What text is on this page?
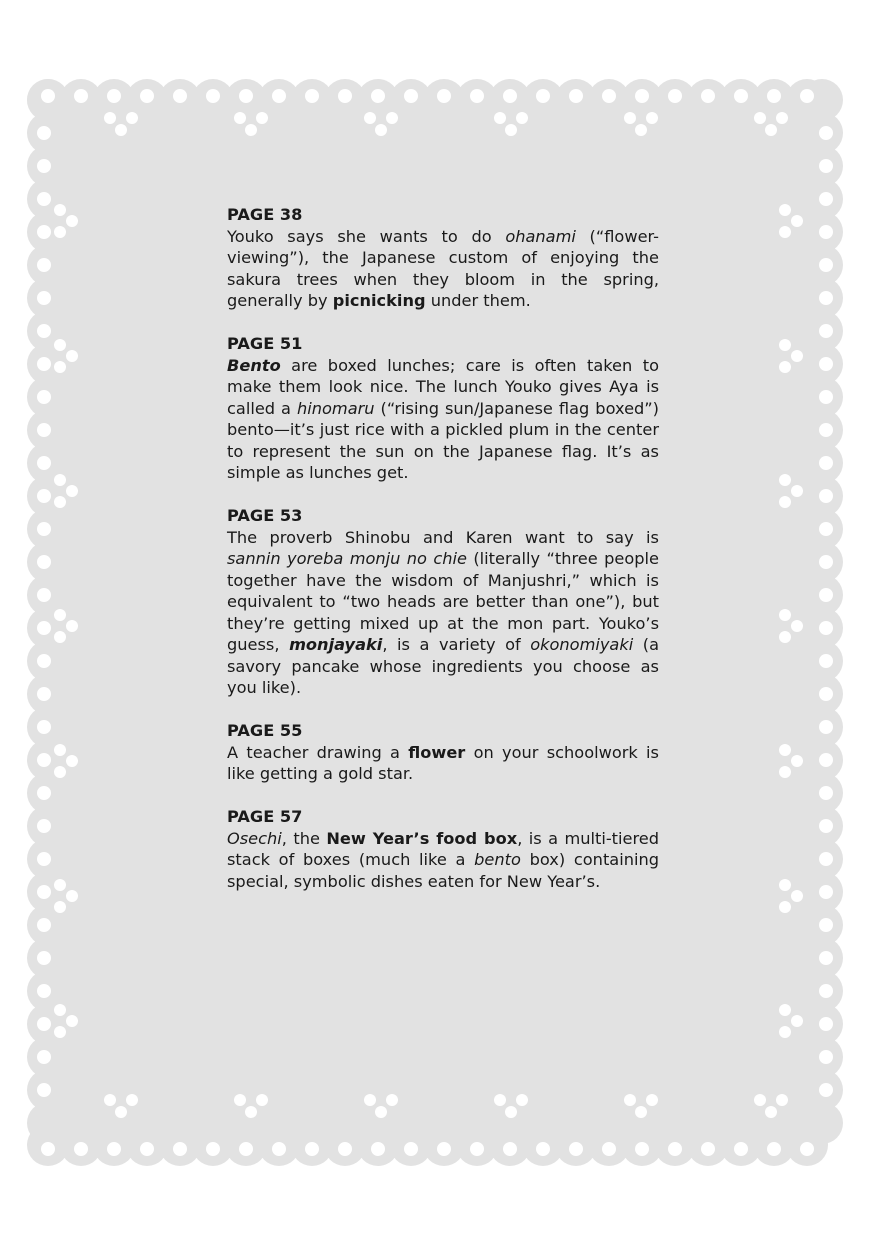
PAGE 38
Youko says she wants to do ohanami (“flower-viewing”), the Japanese custom of enjoying the sakura trees when they bloom in the spring, generally by picnicking under them.
PAGE 51
Bento are boxed lunches; care is often taken to make them look nice. The lunch Youko gives Aya is called a hinomaru (“rising sun/Japanese flag boxed”) bento—it’s just rice with a pickled plum in the center to represent the sun on the Japanese flag. It’s as simple as lunches get.
PAGE 53
The proverb Shinobu and Karen want to say is sannin yoreba monju no chie (literally “three people together have the wisdom of Manjushri,” which is equivalent to “two heads are better than one”), but they’re getting mixed up at the mon part. Youko’s guess, monjayaki, is a variety of okonomiyaki (a savory pancake whose ingredients you choose as you like).
PAGE 55
A teacher drawing a flower on your schoolwork is like getting a gold star.
PAGE 57
Osechi, the New Year’s food box, is a multi-tiered stack of boxes (much like a bento box) containing special, symbolic dishes eaten for New Year’s.
